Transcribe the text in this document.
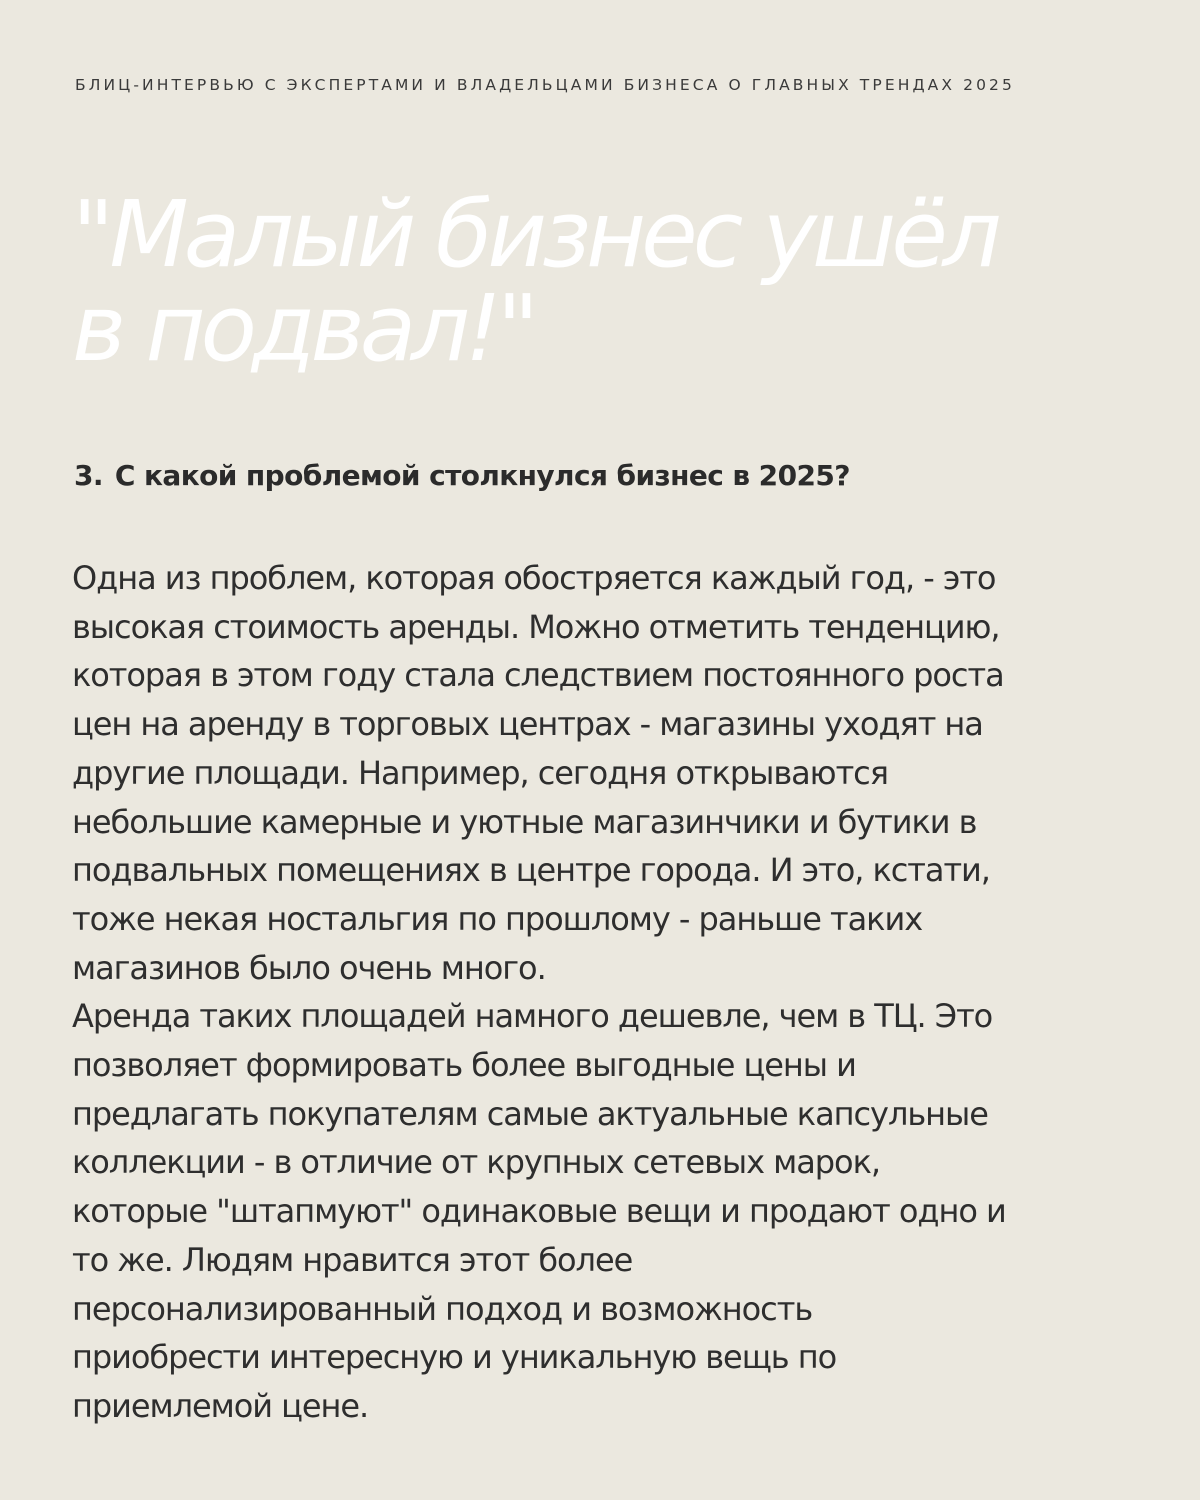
БЛИЦ-ИНТЕРВЬЮ С ЭКСПЕРТАМИ И ВЛАДЕЛЬЦАМИ БИЗНЕСА О ГЛАВНЫХ ТРЕНДАХ 2025
"Малый бизнес ушёл
в подвал!"
3. С какой проблемой столкнулся бизнес в 2025?
Одна из проблем, которая обостряется каждый год, - это
высокая стоимость аренды. Можно отметить тенденцию,
которая в этом году стала следствием постоянного роста
цен на аренду в торговых центрах - магазины уходят на
другие площади. Например, сегодня открываются
небольшие камерные и уютные магазинчики и бутики в
подвальных помещениях в центре города. И это, кстати,
тоже некая ностальгия по прошлому - раньше таких
магазинов было очень много.
Аренда таких площадей намного дешевле, чем в ТЦ. Это
позволяет формировать более выгодные цены и
предлагать покупателям самые актуальные капсульные
коллекции - в отличие от крупных сетевых марок,
которые "штапмуют" одинаковые вещи и продают одно и
то же. Людям нравится этот более
персонализированный подход и возможность
приобрести интересную и уникальную вещь по
приемлемой цене.
